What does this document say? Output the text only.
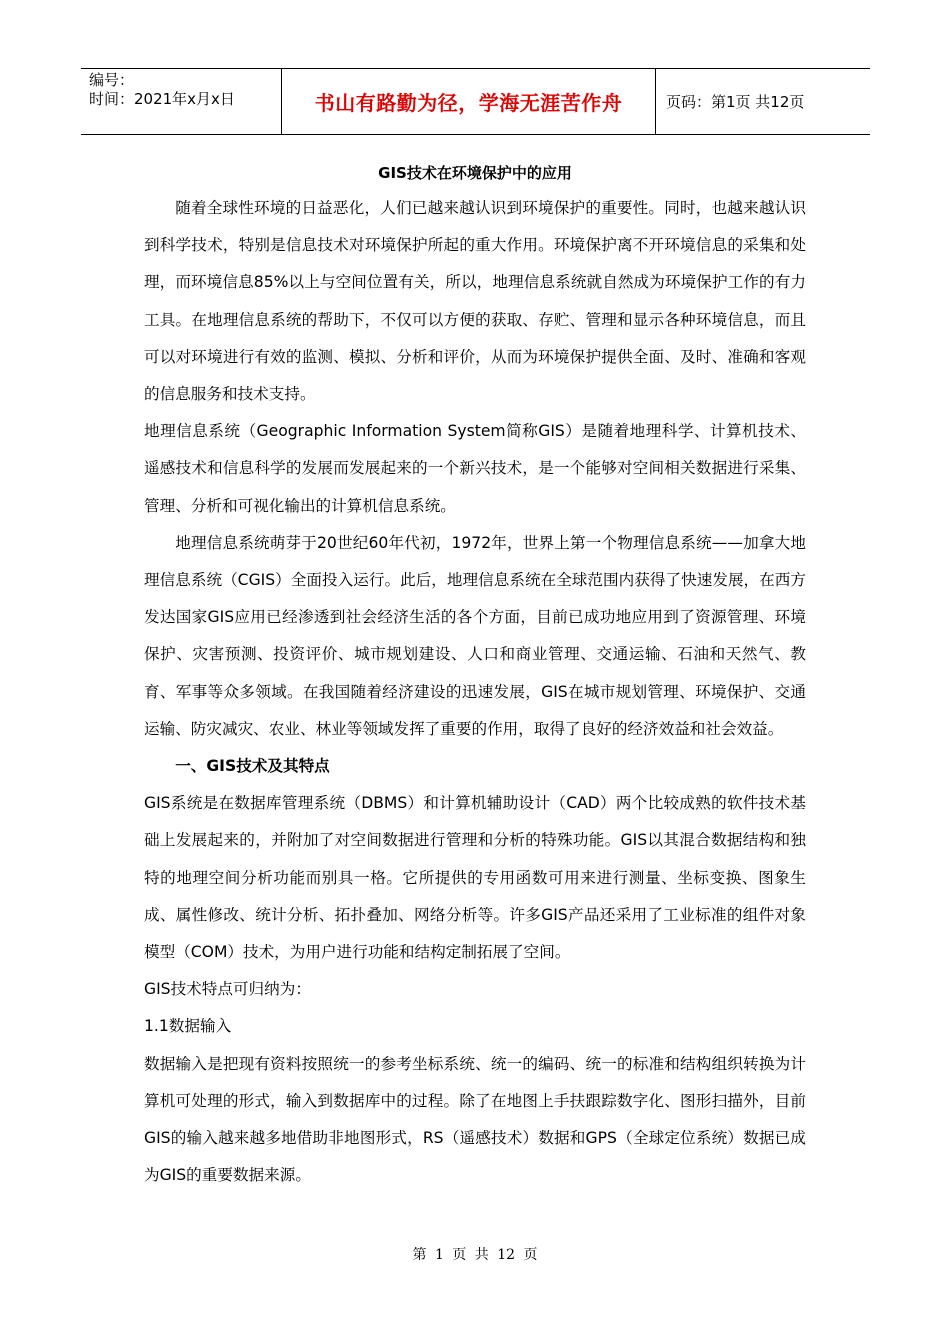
编号：
时间：2021年x月x日	书山有路勤为径，学海无涯苦作舟	页码：第1页 共12页
GIS技术在环境保护中的应用

随着全球性环境的日益恶化，人们已越来越认识到环境保护的重要性。同时，也越来越认识到科学技术，特别是信息技术对环境保护所起的重大作用。环境保护离不开环境信息的采集和处理，而环境信息85%以上与空间位置有关，所以，地理信息系统就自然成为环境保护工作的有力工具。在地理信息系统的帮助下，不仅可以方便的获取、存贮、管理和显示各种环境信息，而且可以对环境进行有效的监测、模拟、分析和评价，从而为环境保护提供全面、及时、准确和客观的信息服务和技术支持。

地理信息系统（Geographic Information System简称GIS）是随着地理科学、计算机技术、遥感技术和信息科学的发展而发展起来的一个新兴技术，是一个能够对空间相关数据进行采集、管理、分析和可视化输出的计算机信息系统。

地理信息系统萌芽于20世纪60年代初，1972年，世界上第一个物理信息系统——加拿大地理信息系统（CGIS）全面投入运行。此后，地理信息系统在全球范围内获得了快速发展，在西方发达国家GIS应用已经渗透到社会经济生活的各个方面，目前已成功地应用到了资源管理、环境保护、灾害预测、投资评价、城市规划建设、人口和商业管理、交通运输、石油和天然气、教育、军事等众多领域。在我国随着经济建设的迅速发展，GIS在城市规划管理、环境保护、交通运输、防灾减灾、农业、林业等领域发挥了重要的作用，取得了良好的经济效益和社会效益。

一、GIS技术及其特点

GIS系统是在数据库管理系统（DBMS）和计算机辅助设计（CAD）两个比较成熟的软件技术基础上发展起来的，并附加了对空间数据进行管理和分析的特殊功能。GIS以其混合数据结构和独特的地理空间分析功能而别具一格。它所提供的专用函数可用来进行测量、坐标变换、图象生成、属性修改、统计分析、拓扑叠加、网络分析等。许多GIS产品还采用了工业标准的组件对象模型（COM）技术，为用户进行功能和结构定制拓展了空间。

GIS技术特点可归纳为：

1.1数据输入

数据输入是把现有资料按照统一的参考坐标系统、统一的编码、统一的标准和结构组织转换为计算机可处理的形式，输入到数据库中的过程。除了在地图上手扶跟踪数字化、图形扫描外，目前GIS的输入越来越多地借助非地图形式，RS（遥感技术）数据和GPS（全球定位系统）数据已成为GIS的重要数据来源。

第 1 页 共 12 页
